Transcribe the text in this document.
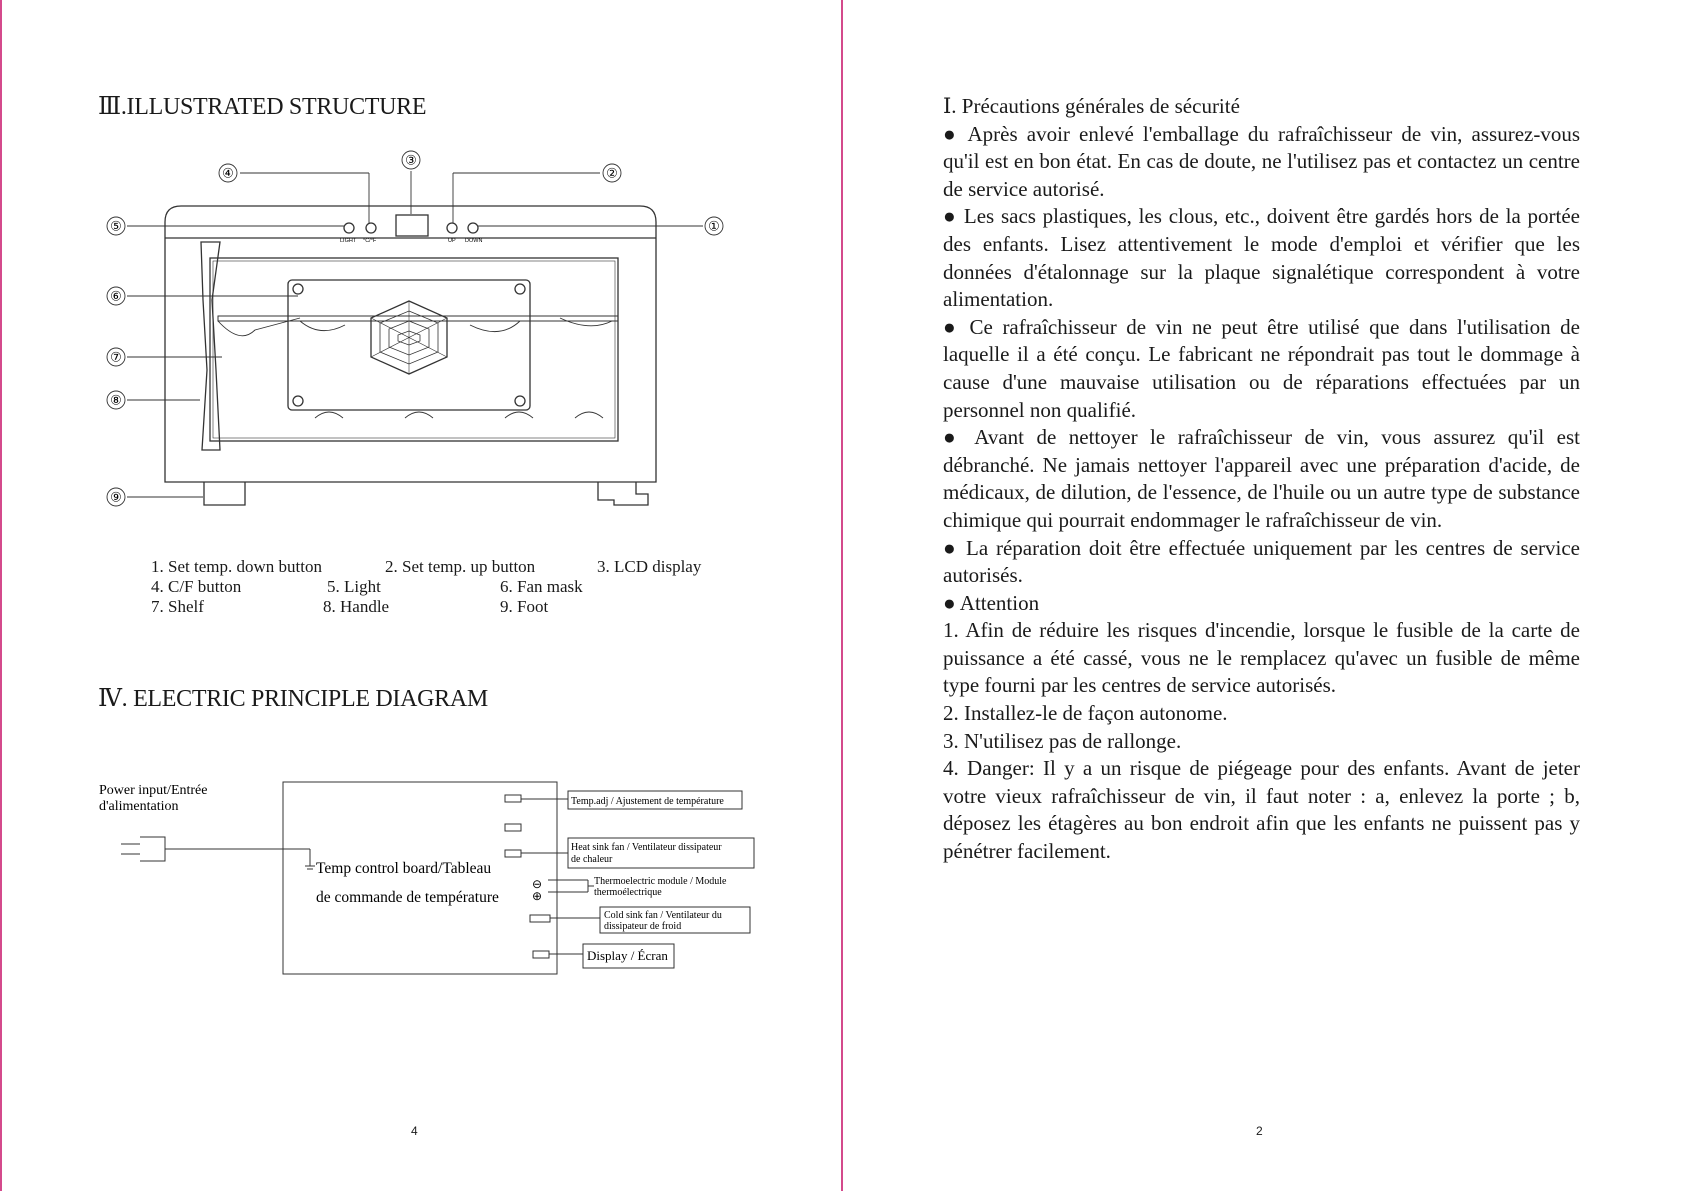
Ⅲ.ILLUSTRATED STRUCTURE
LIGHT °C/°F	UP DOWN
①
②
③
④
⑤
⑥
⑦
⑧
⑨
1. Set temp. down button	2. Set temp. up button	3. LCD display
4. C/F button	5. Light	6. Fan mask
7. Shelf	8. Handle	9. Foot
Ⅳ. ELECTRIC PRINCIPLE DIAGRAM
⊖
⊕
Power input/Entrée
d'alimentation
Temp control board/Tableau
de commande de température
Temp.adj / Ajustement de température
Heat sink fan / Ventilateur dissipateur
de chaleur
Thermoelectric module / Module
thermoélectrique
Cold sink fan / Ventilateur du
dissipateur de froid
Display / Écran
4

Ⅰ. Précautions générales de sécurité

● Après avoir enlevé l'emballage du rafraîchisseur de vin, assurez-vous qu'il est en bon état. En cas de doute, ne l'utilisez pas et contactez un centre de service autorisé.

● Les sacs plastiques, les clous, etc., doivent être gardés hors de la portée des enfants. Lisez attentivement le mode d'emploi et vérifier que les données d'étalonnage sur la plaque signalétique correspondent à votre alimentation.

● Ce rafraîchisseur de vin ne peut être utilisé que dans l'utilisation de laquelle il a été conçu. Le fabricant ne répondrait pas tout le dommage à cause d'une mauvaise utilisation ou de réparations effectuées par un personnel non qualifié.

● Avant de nettoyer le rafraîchisseur de vin, vous assurez qu'il est débranché. Ne jamais nettoyer l'appareil avec une préparation d'acide, de médicaux, de dilution, de l'essence, de l'huile ou un autre type de substance chimique qui pourrait endommager le rafraîchisseur de vin.

● La réparation doit être effectuée uniquement par les centres de service autorisés.

● Attention

1. Afin de réduire les risques d'incendie, lorsque le fusible de la carte de puissance a été cassé, vous ne le remplacez qu'avec un fusible de même type fourni par les centres de service autorisés.

2. Installez-le de façon autonome.

3. N'utilisez pas de rallonge.

4. Danger: Il y a un risque de piégeage pour des enfants. Avant de jeter votre vieux rafraîchisseur de vin, il faut noter : a, enlevez la porte ; b, déposez les étagères au bon endroit afin que les enfants ne puissent pas y pénétrer facilement.

2
